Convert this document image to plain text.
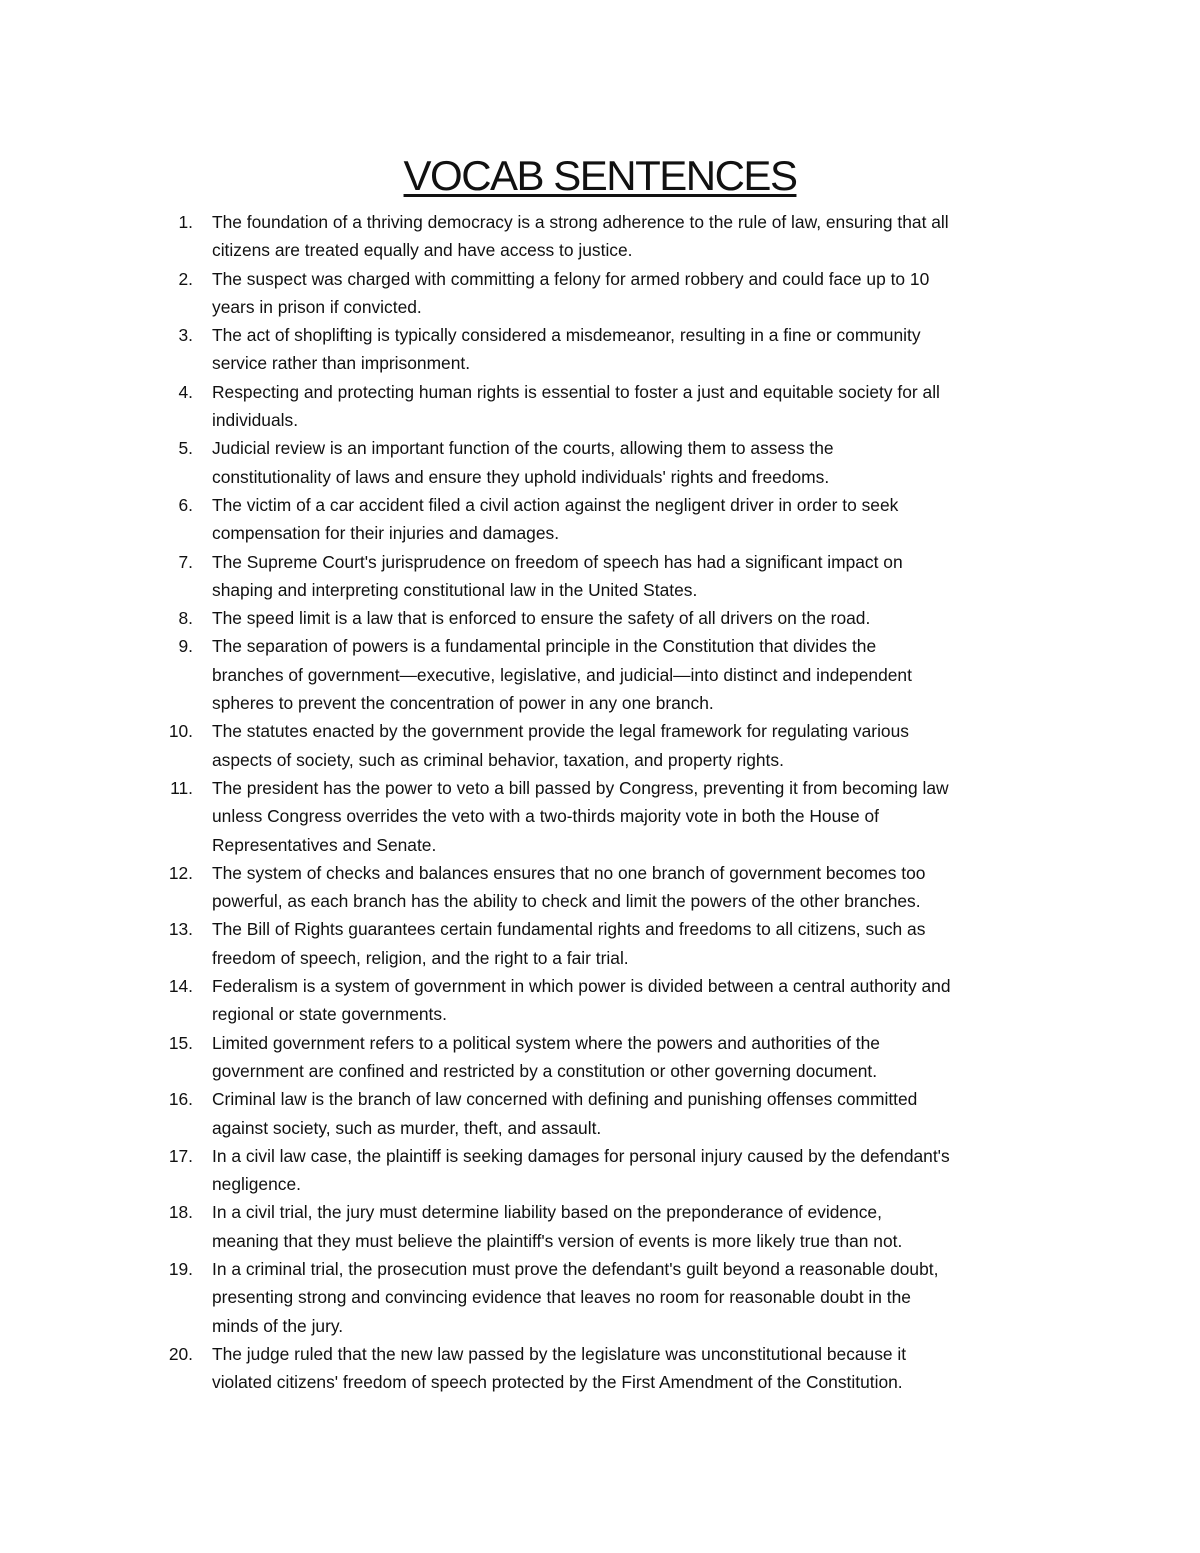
VOCAB SENTENCES
1. The foundation of a thriving democracy is a strong adherence to the rule of law, ensuring that all
citizens are treated equally and have access to justice.
2. The suspect was charged with committing a felony for armed robbery and could face up to 10
years in prison if convicted.
3. The act of shoplifting is typically considered a misdemeanor, resulting in a fine or community
service rather than imprisonment.
4. Respecting and protecting human rights is essential to foster a just and equitable society for all
individuals.
5. Judicial review is an important function of the courts, allowing them to assess the
constitutionality of laws and ensure they uphold individuals' rights and freedoms.
6. The victim of a car accident filed a civil action against the negligent driver in order to seek
compensation for their injuries and damages.
7. The Supreme Court's jurisprudence on freedom of speech has had a significant impact on
shaping and interpreting constitutional law in the United States.
8. The speed limit is a law that is enforced to ensure the safety of all drivers on the road.
9. The separation of powers is a fundamental principle in the Constitution that divides the
branches of government—executive, legislative, and judicial—into distinct and independent
spheres to prevent the concentration of power in any one branch.
10. The statutes enacted by the government provide the legal framework for regulating various
aspects of society, such as criminal behavior, taxation, and property rights.
11. The president has the power to veto a bill passed by Congress, preventing it from becoming law
unless Congress overrides the veto with a two-thirds majority vote in both the House of
Representatives and Senate.
12. The system of checks and balances ensures that no one branch of government becomes too
powerful, as each branch has the ability to check and limit the powers of the other branches.
13. The Bill of Rights guarantees certain fundamental rights and freedoms to all citizens, such as
freedom of speech, religion, and the right to a fair trial.
14. Federalism is a system of government in which power is divided between a central authority and
regional or state governments.
15. Limited government refers to a political system where the powers and authorities of the
government are confined and restricted by a constitution or other governing document.
16. Criminal law is the branch of law concerned with defining and punishing offenses committed
against society, such as murder, theft, and assault.
17. In a civil law case, the plaintiff is seeking damages for personal injury caused by the defendant's
negligence.
18. In a civil trial, the jury must determine liability based on the preponderance of evidence,
meaning that they must believe the plaintiff's version of events is more likely true than not.
19. In a criminal trial, the prosecution must prove the defendant's guilt beyond a reasonable doubt,
presenting strong and convincing evidence that leaves no room for reasonable doubt in the
minds of the jury.
20. The judge ruled that the new law passed by the legislature was unconstitutional because it
violated citizens' freedom of speech protected by the First Amendment of the Constitution.
